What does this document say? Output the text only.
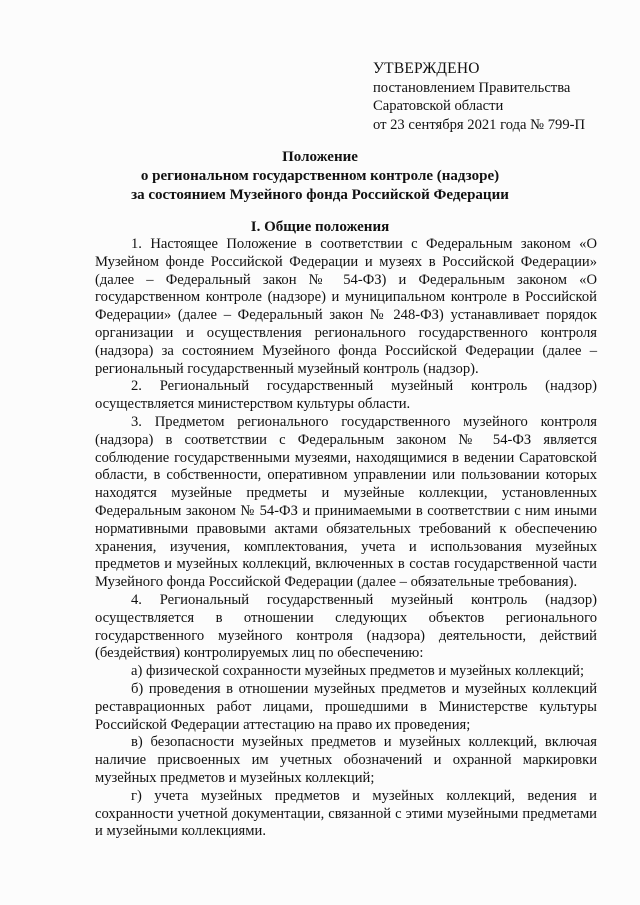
УТВЕРЖДЕНО
постановлением Правительства
Саратовской области
от 23 сентября 2021 года № 799-П
Положение
о региональном государственном контроле (надзоре)
за состоянием Музейного фонда Российской Федерации
I. Общие положения

1. Настоящее Положение в соответствии с Федеральным законом «О Музейном фонде Российской Федерации и музеях в Российской Федерации» (далее – Федеральный закон № 54-ФЗ) и Федеральным законом «О государственном контроле (надзоре) и муниципальном контроле в Российской Федерации» (далее – Федеральный закон № 248-ФЗ) устанавливает порядок организации и осуществления регионального государственного контроля (надзора) за состоянием Музейного фонда Российской Федерации (далее – региональный государственный музейный контроль (надзор).

2. Региональный государственный музейный контроль (надзор) осуществляется министерством культуры области.

3. Предметом регионального государственного музейного контроля (надзора) в соответствии с Федеральным законом № 54-ФЗ является соблюдение государственными музеями, находящимися в ведении Саратовской области, в собственности, оперативном управлении или пользовании которых находятся музейные предметы и музейные коллекции, установленных Федеральным законом № 54-ФЗ и принимаемыми в соответствии с ним иными нормативными правовыми актами обязательных требований к обеспечению хранения, изучения, комплектования, учета и использования музейных предметов и музейных коллекций, включенных в состав государственной части Музейного фонда Российской Федерации (далее – обязательные требования).

4. Региональный государственный музейный контроль (надзор) осуществляется в отношении следующих объектов регионального государственного музейного контроля (надзора) деятельности, действий (бездействия) контролируемых лиц по обеспечению:

а) физической сохранности музейных предметов и музейных коллекций;

б) проведения в отношении музейных предметов и музейных коллекций реставрационных работ лицами, прошедшими в Министерстве культуры Российской Федерации аттестацию на право их проведения;

в) безопасности музейных предметов и музейных коллекций, включая наличие присвоенных им учетных обозначений и охранной маркировки музейных предметов и музейных коллекций;

г) учета музейных предметов и музейных коллекций, ведения и сохранности учетной документации, связанной с этими музейными предметами и музейными коллекциями.
